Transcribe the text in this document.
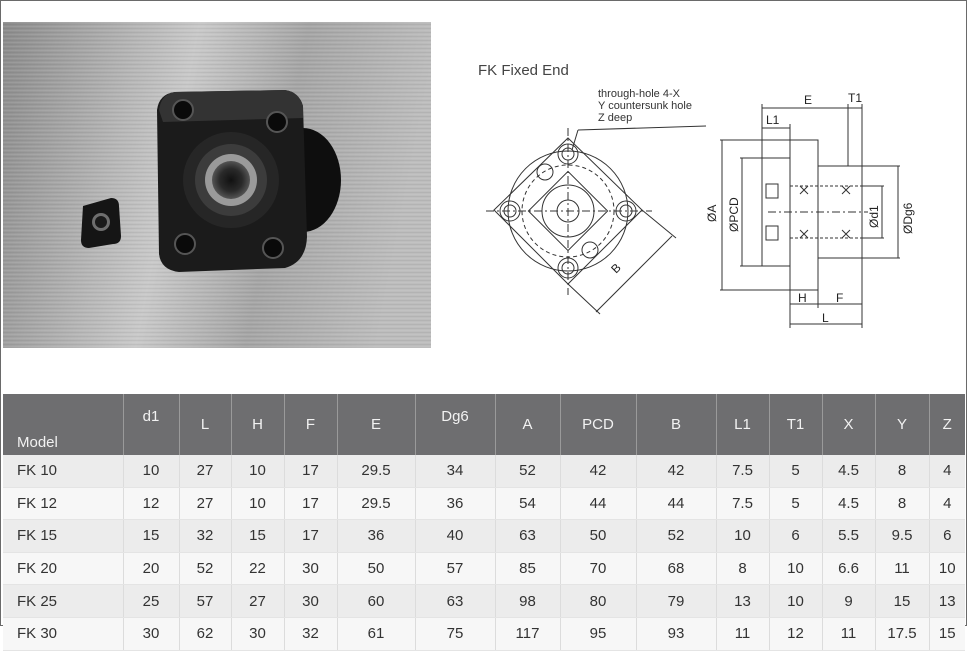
FK Fixed End
through-hole 4-X
Y countersunk hole
Z deep
B
E	T1
L1
ØA ØPCD	Ød1 ØDg6
H F
L
Model	d1	L	H	F	E	Dg6	A	PCD	B	L1	T1	X	Y	Z
FK 10	10	27	10	17	29.5	34	52	42	42	7.5	5	4.5	8	4
FK 12	12	27	10	17	29.5	36	54	44	44	7.5	5	4.5	8	4
FK 15	15	32	15	17	36	40	63	50	52	10	6	5.5	9.5	6
FK 20	20	52	22	30	50	57	85	70	68	8	10	6.6	11	10
FK 25	25	57	27	30	60	63	98	80	79	13	10	9	15	13
FK 30	30	62	30	32	61	75	117	95	93	11	12	11	17.5	15
